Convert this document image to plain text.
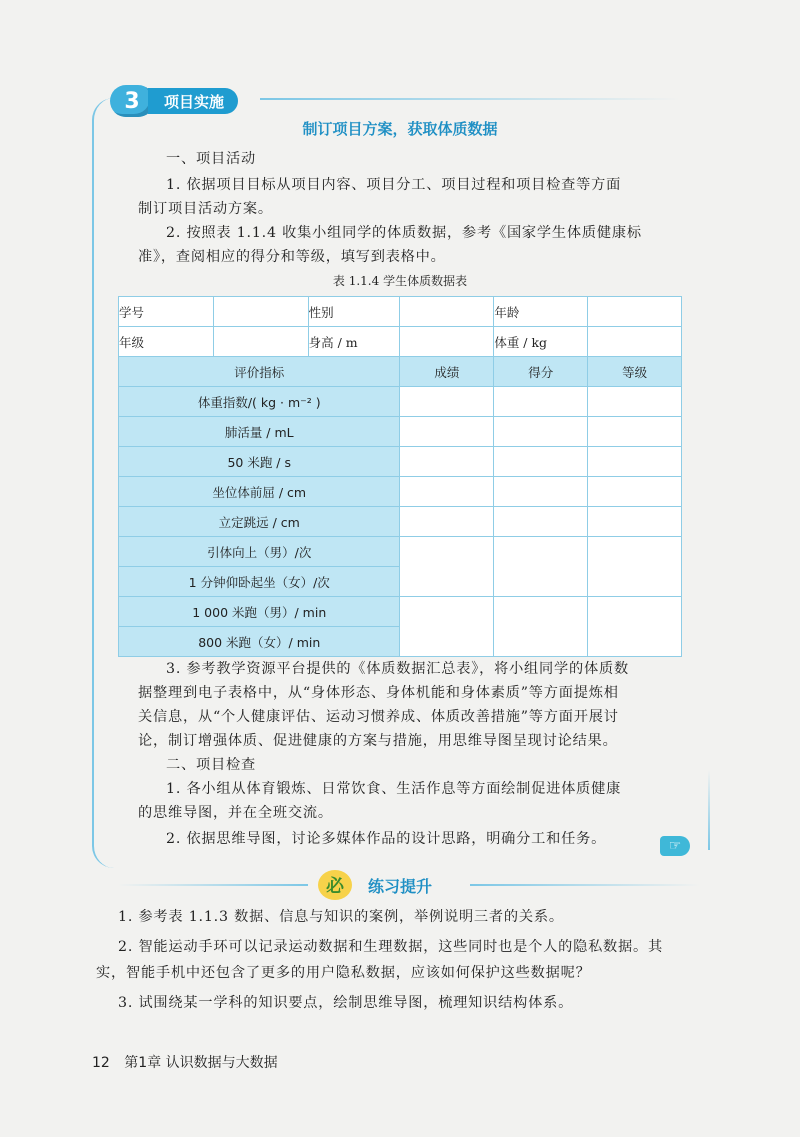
3	项目实施
制订项目方案，获取体质数据
一、项目活动
1. 依据项目目标从项目内容、项目分工、项目过程和项目检查等方面
制订项目活动方案。
2. 按照表 1.1.4 收集小组同学的体质数据，参考《国家学生体质健康标
准》，查阅相应的得分和等级，填写到表格中。
表 1.1.4 学生体质数据表
学号		性别		年龄	
年级		身高 / m		体重 / kg	
评价指标			成绩	得分	等级
体重指数/( kg · m⁻² )					
肺活量 / mL					
50 米跑 / s					
坐位体前屈 / cm					
立定跳远 / cm					
引体向上（男）/次					
1 分钟仰卧起坐（女）/次					
1 000 米跑（男）/ min					
800 米跑（女）/ min					
3. 参考教学资源平台提供的《体质数据汇总表》，将小组同学的体质数
据整理到电子表格中，从“身体形态、身体机能和身体素质”等方面提炼相
关信息，从“个人健康评估、运动习惯养成、体质改善措施”等方面开展讨
论，制订增强体质、促进健康的方案与措施，用思维导图呈现讨论结果。
二、项目检查
1. 各小组从体育锻炼、日常饮食、生活作息等方面绘制促进体质健康
的思维导图，并在全班交流。
2. 依据思维导图，讨论多媒体作品的设计思路，明确分工和任务。	☞
必	练习提升
1. 参考表 1.1.3 数据、信息与知识的案例，举例说明三者的关系。
2. 智能运动手环可以记录运动数据和生理数据，这些同时也是个人的隐私数据。其
实，智能手机中还包含了更多的用户隐私数据，应该如何保护这些数据呢？
3. 试围绕某一学科的知识要点，绘制思维导图，梳理知识结构体系。
12 第1章 认识数据与大数据
